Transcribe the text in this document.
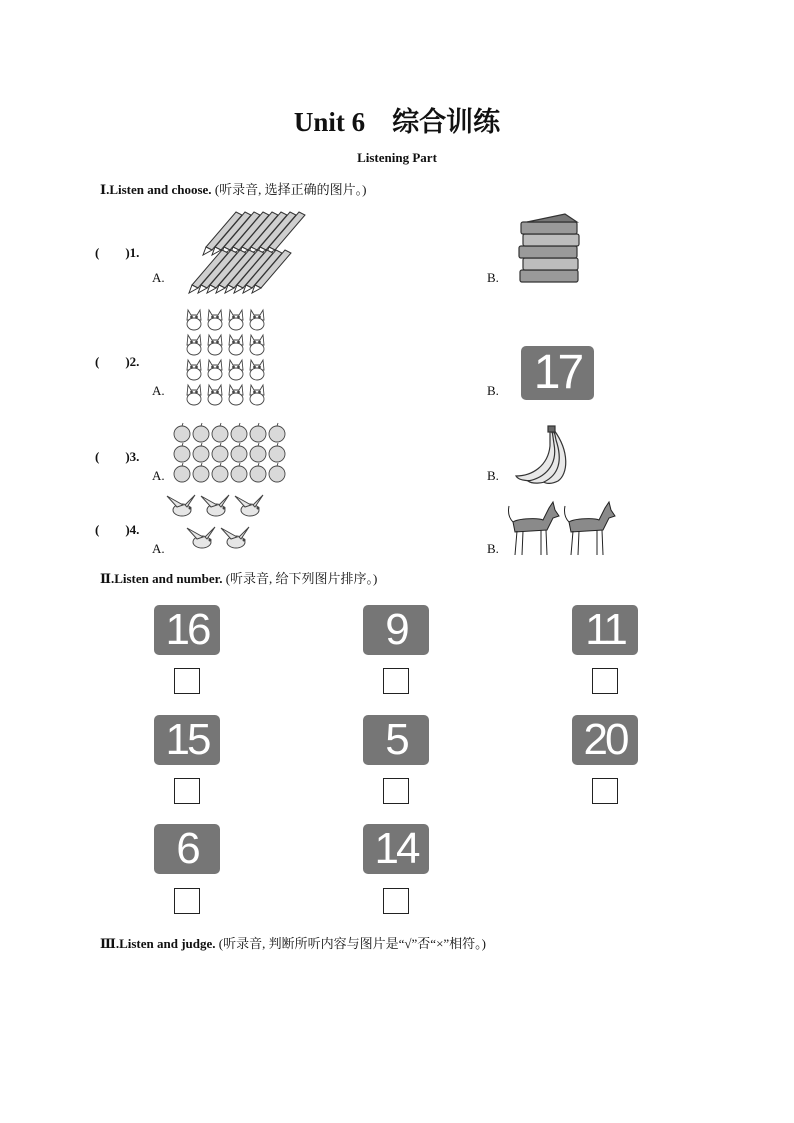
Unit 6　综合训练
Listening Part
Ⅰ.Listen and choose. (听录音, 选择正确的图片。)
(　　)1.
A.	B.
(　　)2.
A.	B. 17
(　　)3.
A.	B.
(　　)4.
A.	B.
Ⅱ.Listen and number. (听录音, 给下列图片排序。)
16	9	11
15	5	20
6	14
Ⅲ.Listen and judge. (听录音, 判断所听内容与图片是“√”否“×”相符。)
